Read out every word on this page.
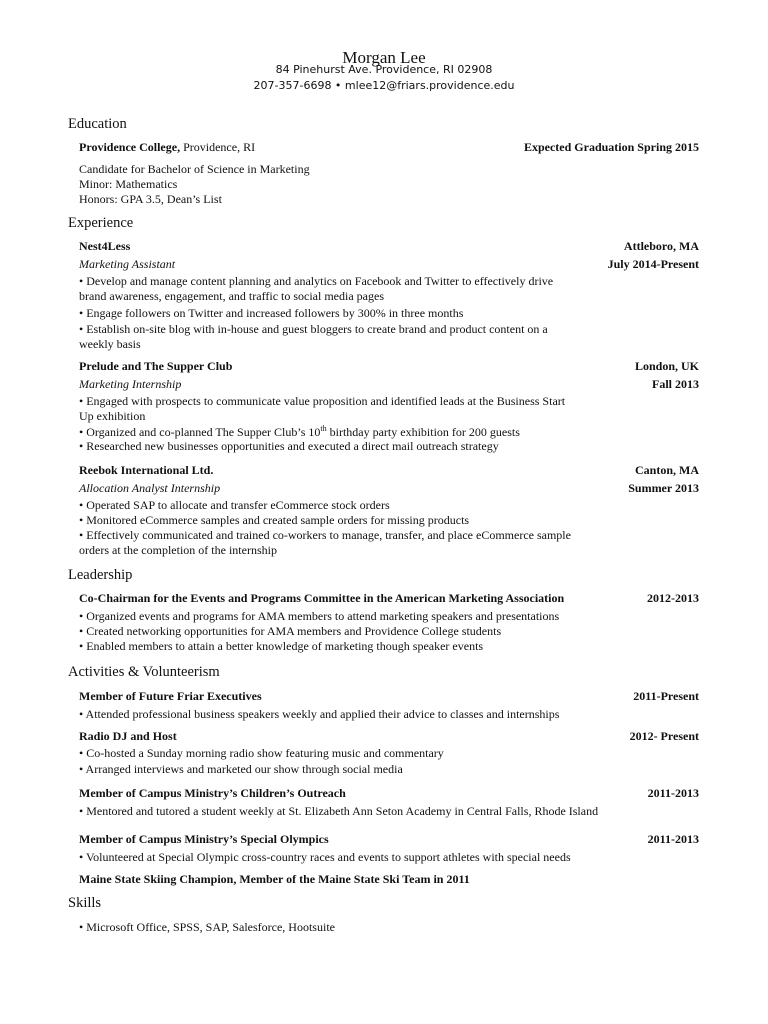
Morgan Lee
84 Pinehurst Ave. Providence, RI 02908
207-357-6698 • mlee12@friars.providence.edu
Education
Providence College, Providence, RI	Expected Graduation Spring 2015
Candidate for Bachelor of Science in Marketing
Minor: Mathematics
Honors: GPA 3.5, Dean’s List
Experience
Nest4Less	Attleboro, MA
Marketing Assistant	July 2014-Present
• Develop and manage content planning and analytics on Facebook and Twitter to effectively drive
brand awareness, engagement, and traffic to social media pages
• Engage followers on Twitter and increased followers by 300% in three months
• Establish on-site blog with in-house and guest bloggers to create brand and product content on a
weekly basis
Prelude and The Supper Club	London, UK
Marketing Internship	Fall 2013
• Engaged with prospects to communicate value proposition and identified leads at the Business Start
Up exhibition
• Organized and co-planned The Supper Club’s 10th birthday party exhibition for 200 guests
• Researched new businesses opportunities and executed a direct mail outreach strategy
Reebok International Ltd.	Canton, MA
Allocation Analyst Internship	Summer 2013
• Operated SAP to allocate and transfer eCommerce stock orders
• Monitored eCommerce samples and created sample orders for missing products
• Effectively communicated and trained co-workers to manage, transfer, and place eCommerce sample
orders at the completion of the internship
Leadership
Co-Chairman for the Events and Programs Committee in the American Marketing Association	2012-2013
• Organized events and programs for AMA members to attend marketing speakers and presentations
• Created networking opportunities for AMA members and Providence College students
• Enabled members to attain a better knowledge of marketing though speaker events
Activities & Volunteerism
Member of Future Friar Executives	2011-Present
• Attended professional business speakers weekly and applied their advice to classes and internships
Radio DJ and Host	2012- Present
• Co-hosted a Sunday morning radio show featuring music and commentary
• Arranged interviews and marketed our show through social media
Member of Campus Ministry’s Children’s Outreach	2011-2013
• Mentored and tutored a student weekly at St. Elizabeth Ann Seton Academy in Central Falls, Rhode Island
Member of Campus Ministry’s Special Olympics	2011-2013
• Volunteered at Special Olympic cross-country races and events to support athletes with special needs
Maine State Skiing Champion, Member of the Maine State Ski Team in 2011
Skills
• Microsoft Office, SPSS, SAP, Salesforce, Hootsuite
